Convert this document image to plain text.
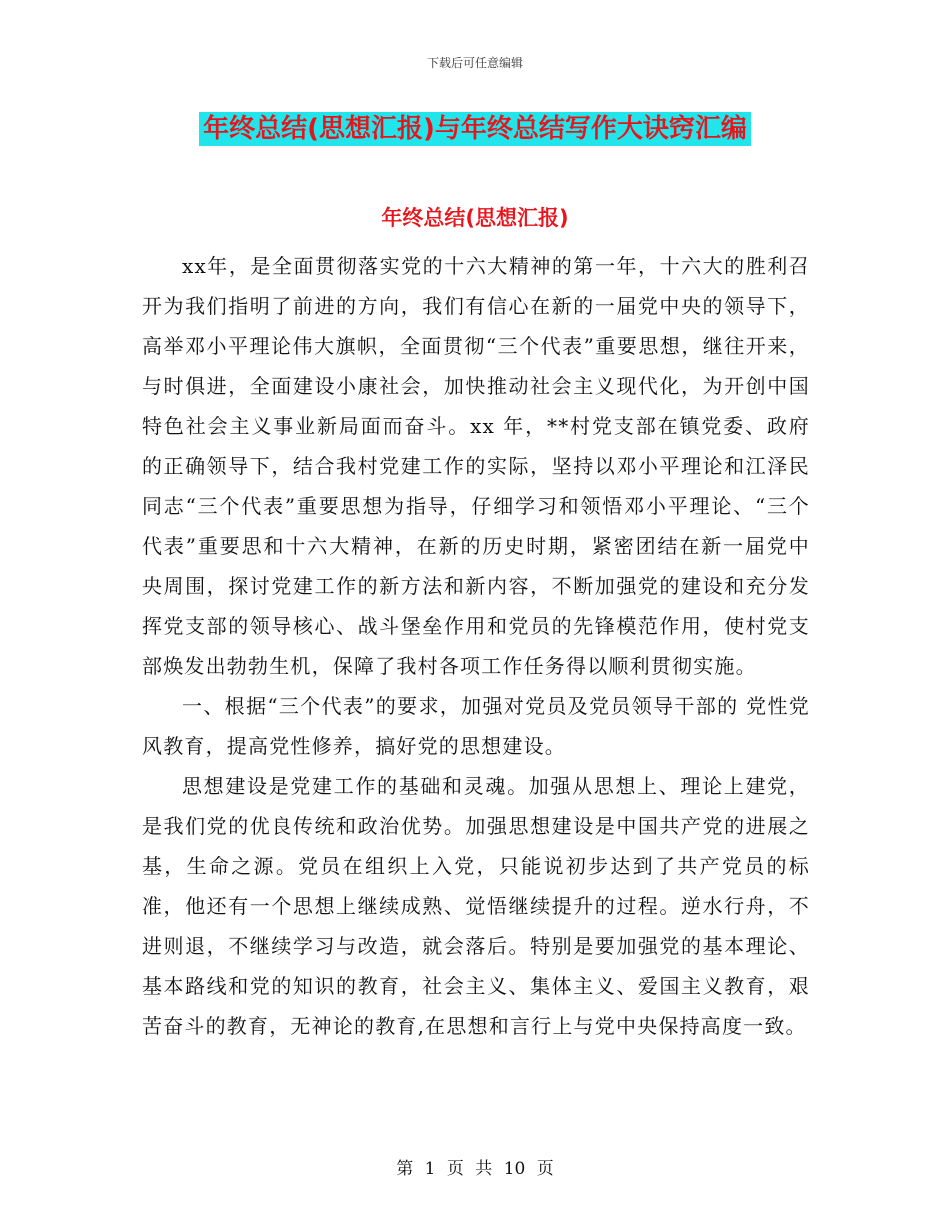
下载后可任意编辑
年终总结(思想汇报)与年终总结写作大诀窍汇编
年终总结(思想汇报)

xx年，是全面贯彻落实党的十六大精神的第一年，十六大的胜利召开为我们指明了前进的方向，我们有信心在新的一届党中央的领导下，高举邓小平理论伟大旗帜，全面贯彻“三个代表”重要思想，继往开来，与时俱进，全面建设小康社会，加快推动社会主义现代化，为开创中国特色社会主义事业新局面而奋斗。xx 年，**村党支部在镇党委、政府的正确领导下，结合我村党建工作的实际，坚持以邓小平理论和江泽民同志“三个代表”重要思想为指导，仔细学习和领悟邓小平理论、“三个代表”重要思和十六大精神，在新的历史时期，紧密团结在新一届党中央周围，探讨党建工作的新方法和新内容，不断加强党的建设和充分发挥党支部的领导核心、战斗堡垒作用和党员的先锋模范作用，使村党支部焕发出勃勃生机，保障了我村各项工作任务得以顺利贯彻实施。

一、根据“三个代表”的要求，加强对党员及党员领导干部的 党性党风教育，提高党性修养，搞好党的思想建设。

思想建设是党建工作的基础和灵魂。加强从思想上、理论上建党，是我们党的优良传统和政治优势。加强思想建设是中国共产党的进展之基，生命之源。党员在组织上入党，只能说初步达到了共产党员的标准，他还有一个思想上继续成熟、觉悟继续提升的过程。逆水行舟，不进则退，不继续学习与改造，就会落后。特别是要加强党的基本理论、基本路线和党的知识的教育，社会主义、集体主义、爱国主义教育，艰苦奋斗的教育，无神论的教育,在思想和言行上与党中央保持高度一致。

第 1 页 共 10 页
